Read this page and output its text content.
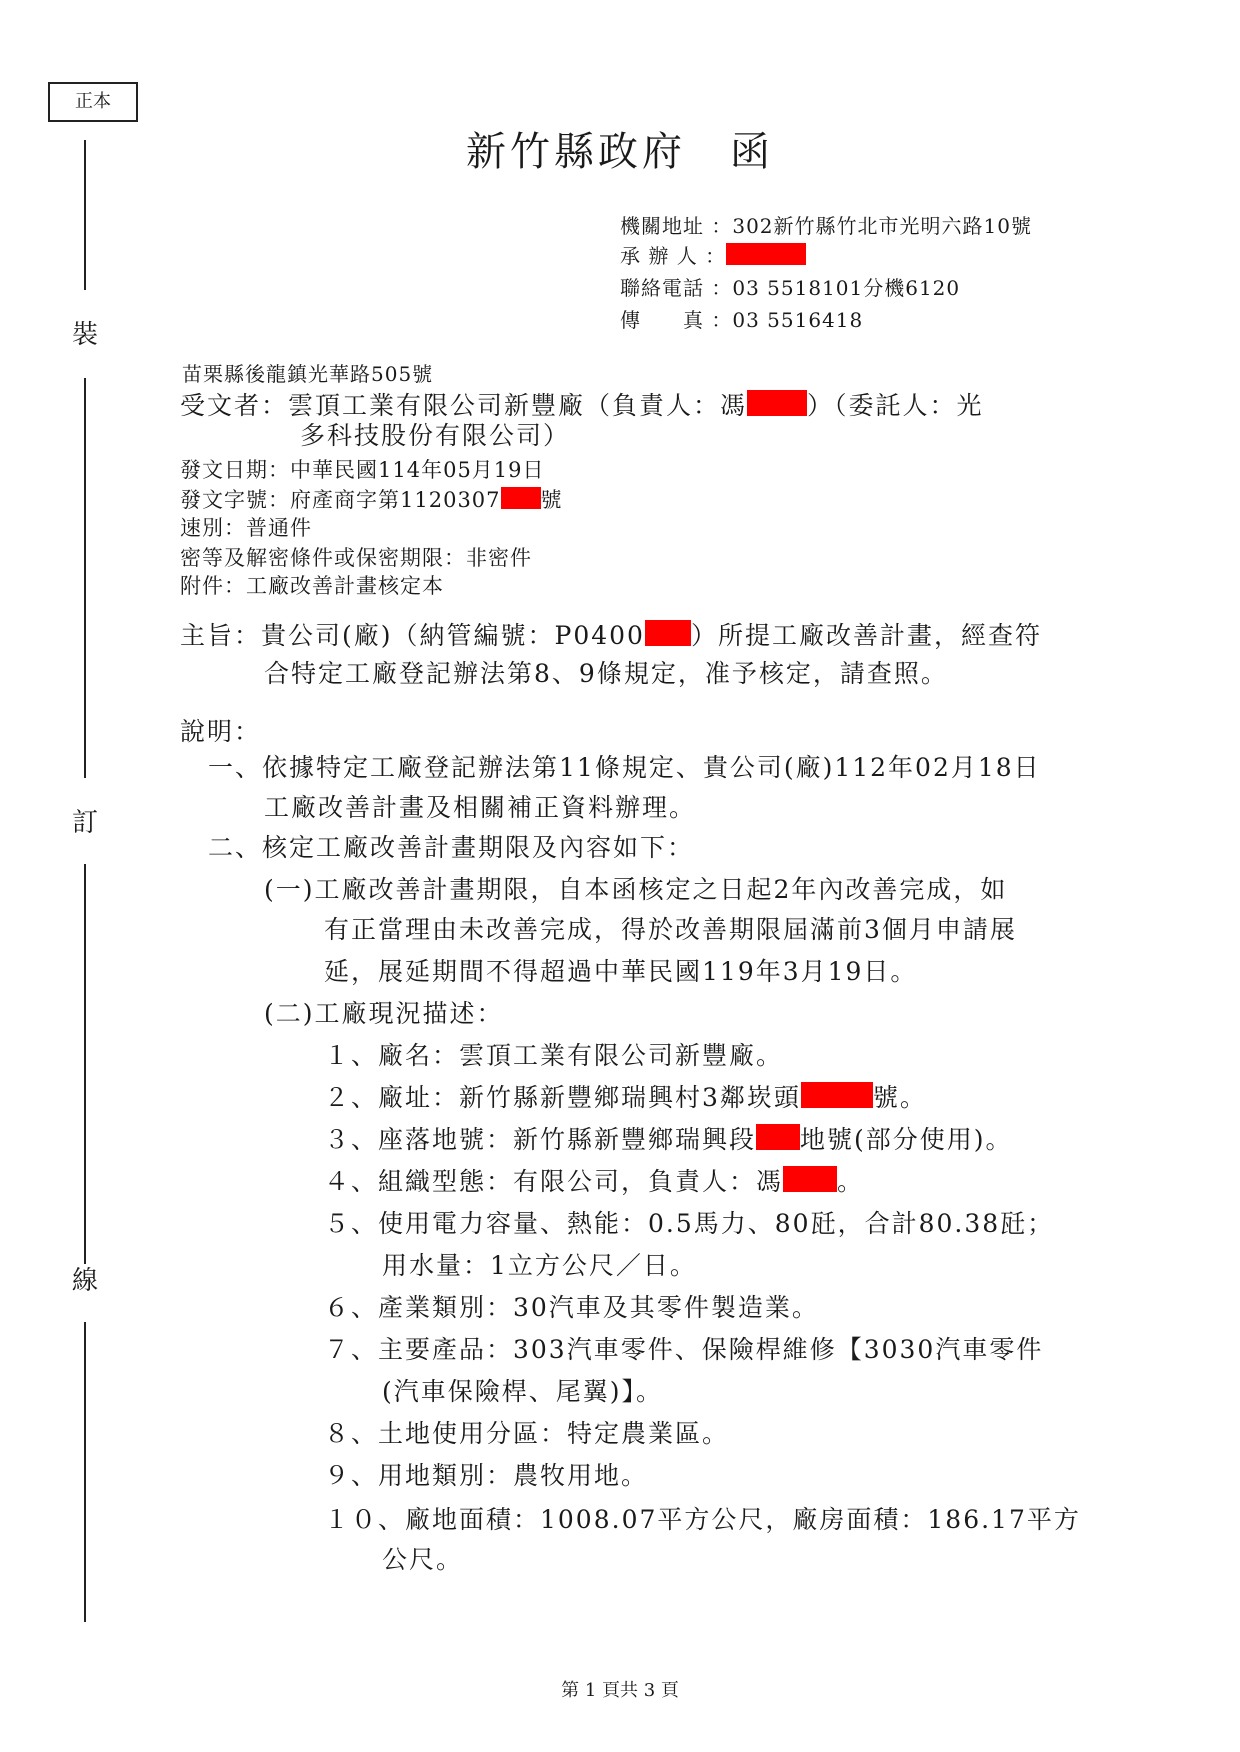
正本
裝
訂
線
新竹縣政府　函
機關地址 ：302新竹縣竹北市光明六路10號
承 辦 人 ：
聯絡電話 ：03 5518101分機6120
傳　　真 ：03 5516418
苗栗縣後龍鎮光華路505號
受文者：雲頂工業有限公司新豐廠（負責人：馮 ）（委託人：光
多科技股份有限公司）
發文日期：中華民國114年05月19日
發文字號：府產商字第1120307 號
速別：普通件
密等及解密條件或保密期限：非密件
附件：工廠改善計畫核定本
主旨：貴公司(廠)（納管編號：P0400 ）所提工廠改善計畫，經查符
合特定工廠登記辦法第8、9條規定，准予核定，請查照。
說明：
一、依據特定工廠登記辦法第11條規定、貴公司(廠)112年02月18日
工廠改善計畫及相關補正資料辦理。
二、核定工廠改善計畫期限及內容如下：
(一)工廠改善計畫期限，自本函核定之日起2年內改善完成，如
有正當理由未改善完成，得於改善期限屆滿前3個月申請展
延，展延期間不得超過中華民國119年3月19日。
(二)工廠現況描述：
１、廠名：雲頂工業有限公司新豐廠。
２、廠址：新竹縣新豐鄉瑞興村3鄰崁頭	號。
３、座落地號：新竹縣新豐鄉瑞興段 地號(部分使用)。
４、組織型態：有限公司，負責人：馮 。
５、使用電力容量、熱能：0.5馬力、80瓩，合計80.38瓩；
用水量：1立方公尺／日。
６、產業類別：30汽車及其零件製造業。
７、主要產品：303汽車零件、保險桿維修【3030汽車零件
(汽車保險桿、尾翼)】。
８、土地使用分區：特定農業區。
９、用地類別：農牧用地。
１０、廠地面積：1008.07平方公尺，廠房面積：186.17平方
公尺。
第 1 頁共 3 頁
